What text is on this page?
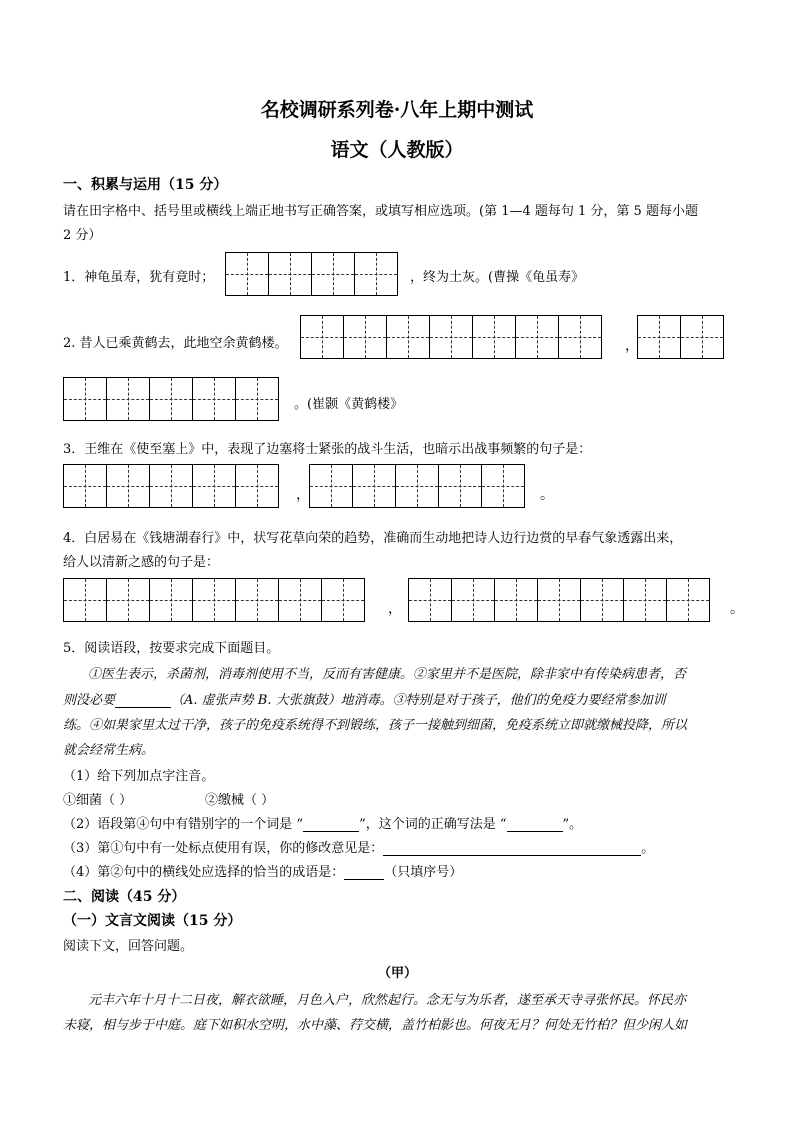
名校调研系列卷·八年上期中测试
语文（人教版）
一、积累与运用（15 分）
请在田字格中、括号里或横线上端正地书写正确答案，或填写相应选项。(第 1—4 题每句 1 分，第 5 题每小题
2 分）
1．神龟虽寿，犹有竟时；	，终为土灰。(曹操《龟虽寿》
2. 昔人已乘黄鹤去，此地空余黄鹤楼。	，
。(崔颢《黄鹤楼》
3．王维在《使至塞上》中，表现了边塞将士紧张的战斗生活，也暗示出战事频繁的句子是：
，	。
4．白居易在《钱塘湖春行》中，状写花草向荣的趋势，准确而生动地把诗人边行边赏的早春气象透露出来，
给人以清新之感的句子是：
，	。
5．阅读语段，按要求完成下面题目。
①医生表示，杀菌剂，消毒剂使用不当，反而有害健康。②家里并不是医院，除非家中有传染病患者，否
则没必要	（A. 虚张声势 B. 大张旗鼓）地消毒。③特别是对于孩子，他们的免疫力要经常参加训
练。④如果家里太过干净，孩子的免疫系统得不到锻练，孩子一接触到细菌，免疫系统立即就缴械投降，所以
就会经常生病。
（1）给下列加点字注音。
①细菌（ ）	②缴械（ ）
（2）语段第④句中有错别字的一个词是 “	”，这个词的正确写法是 “	”。
（3）第①句中有一处标点使用有误，你的修改意见是：	。
（4）第②句中的横线处应选择的恰当的成语是：	（只填序号）
二、阅读（45 分）
（一）文言文阅读（15 分）
阅读下文，回答问题。
（甲）
元丰六年十月十二日夜，解衣欲睡，月色入户，欣然起行。念无与为乐者，遂至承天寺寻张怀民。怀民亦
未寝，相与步于中庭。庭下如积水空明，水中藻、荇交横，盖竹柏影也。何夜无月？何处无竹柏？但少闲人如
